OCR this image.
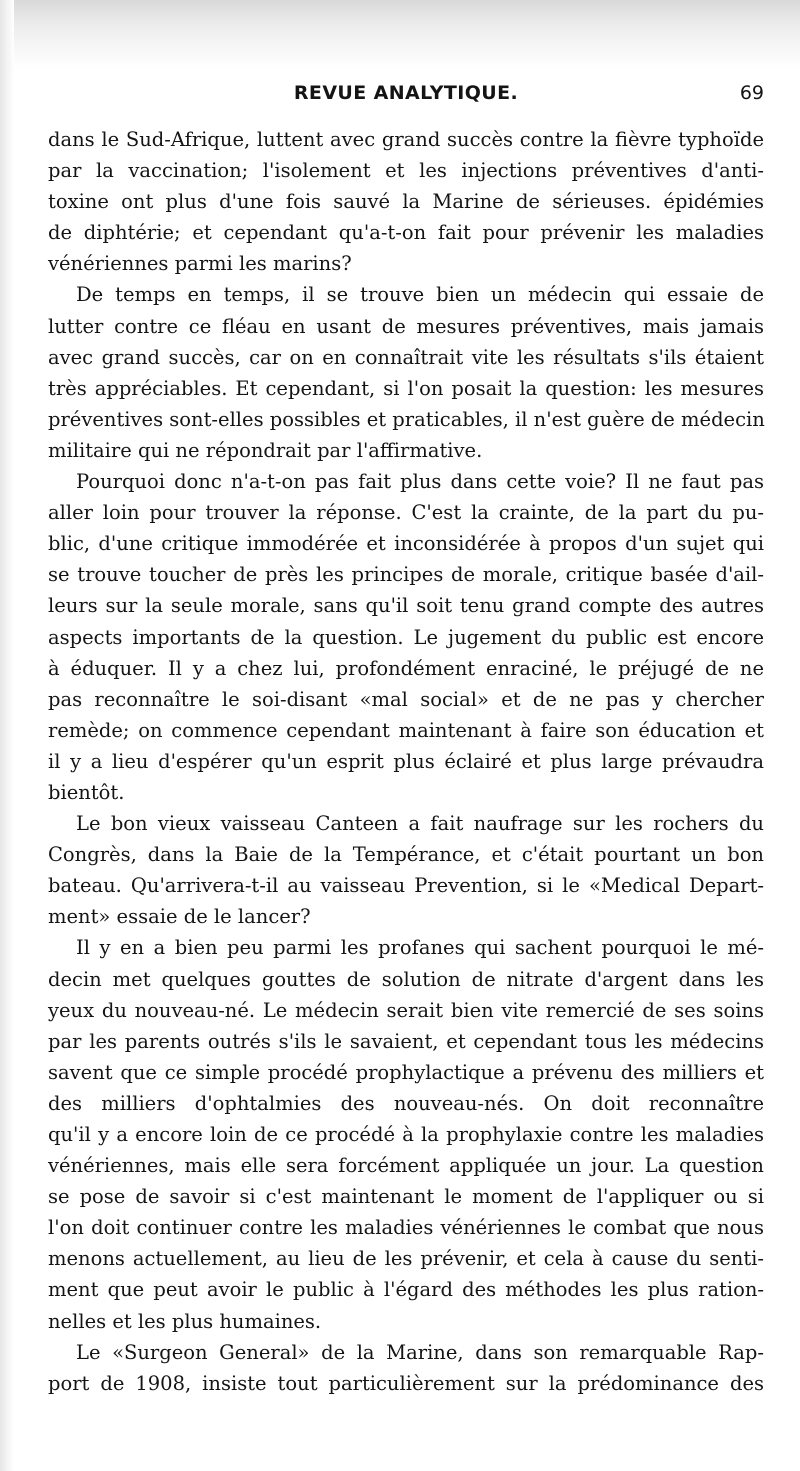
REVUE ANALYTIQUE.	69
dans le Sud-Afrique, luttent avec grand succès contre la fièvre typhoïde
par la vaccination; l'isolement et les injections préventives d'anti-
toxine ont plus d'une fois sauvé la Marine de sérieuses. épidémies
de diphtérie; et cependant qu'a-t-on fait pour prévenir les maladies
vénériennes parmi les marins?
De temps en temps, il se trouve bien un médecin qui essaie de
lutter contre ce fléau en usant de mesures préventives, mais jamais
avec grand succès, car on en connaîtrait vite les résultats s'ils étaient
très appréciables. Et cependant, si l'on posait la question: les mesures
préventives sont-elles possibles et praticables, il n'est guère de médecin
militaire qui ne répondrait par l'affirmative.
Pourquoi donc n'a-t-on pas fait plus dans cette voie? Il ne faut pas
aller loin pour trouver la réponse. C'est la crainte, de la part du pu-
blic, d'une critique immodérée et inconsidérée à propos d'un sujet qui
se trouve toucher de près les principes de morale, critique basée d'ail-
leurs sur la seule morale, sans qu'il soit tenu grand compte des autres
aspects importants de la question. Le jugement du public est encore
à éduquer. Il y a chez lui, profondément enraciné, le préjugé de ne
pas reconnaître le soi-disant «mal social» et de ne pas y chercher
remède; on commence cependant maintenant à faire son éducation et
il y a lieu d'espérer qu'un esprit plus éclairé et plus large prévaudra
bientôt.
Le bon vieux vaisseau Canteen a fait naufrage sur les rochers du
Congrès, dans la Baie de la Tempérance, et c'était pourtant un bon
bateau. Qu'arrivera-t-il au vaisseau Prevention, si le «Medical Depart-
ment» essaie de le lancer?
Il y en a bien peu parmi les profanes qui sachent pourquoi le mé-
decin met quelques gouttes de solution de nitrate d'argent dans les
yeux du nouveau-né. Le médecin serait bien vite remercié de ses soins
par les parents outrés s'ils le savaient, et cependant tous les médecins
savent que ce simple procédé prophylactique a prévenu des milliers et
des milliers d'ophtalmies des nouveau-nés. On doit reconnaître
qu'il y a encore loin de ce procédé à la prophylaxie contre les maladies
vénériennes, mais elle sera forcément appliquée un jour. La question
se pose de savoir si c'est maintenant le moment de l'appliquer ou si
l'on doit continuer contre les maladies vénériennes le combat que nous
menons actuellement, au lieu de les prévenir, et cela à cause du senti-
ment que peut avoir le public à l'égard des méthodes les plus ration-
nelles et les plus humaines.
Le «Surgeon General» de la Marine, dans son remarquable Rap-
port de 1908, insiste tout particulièrement sur la prédominance des
